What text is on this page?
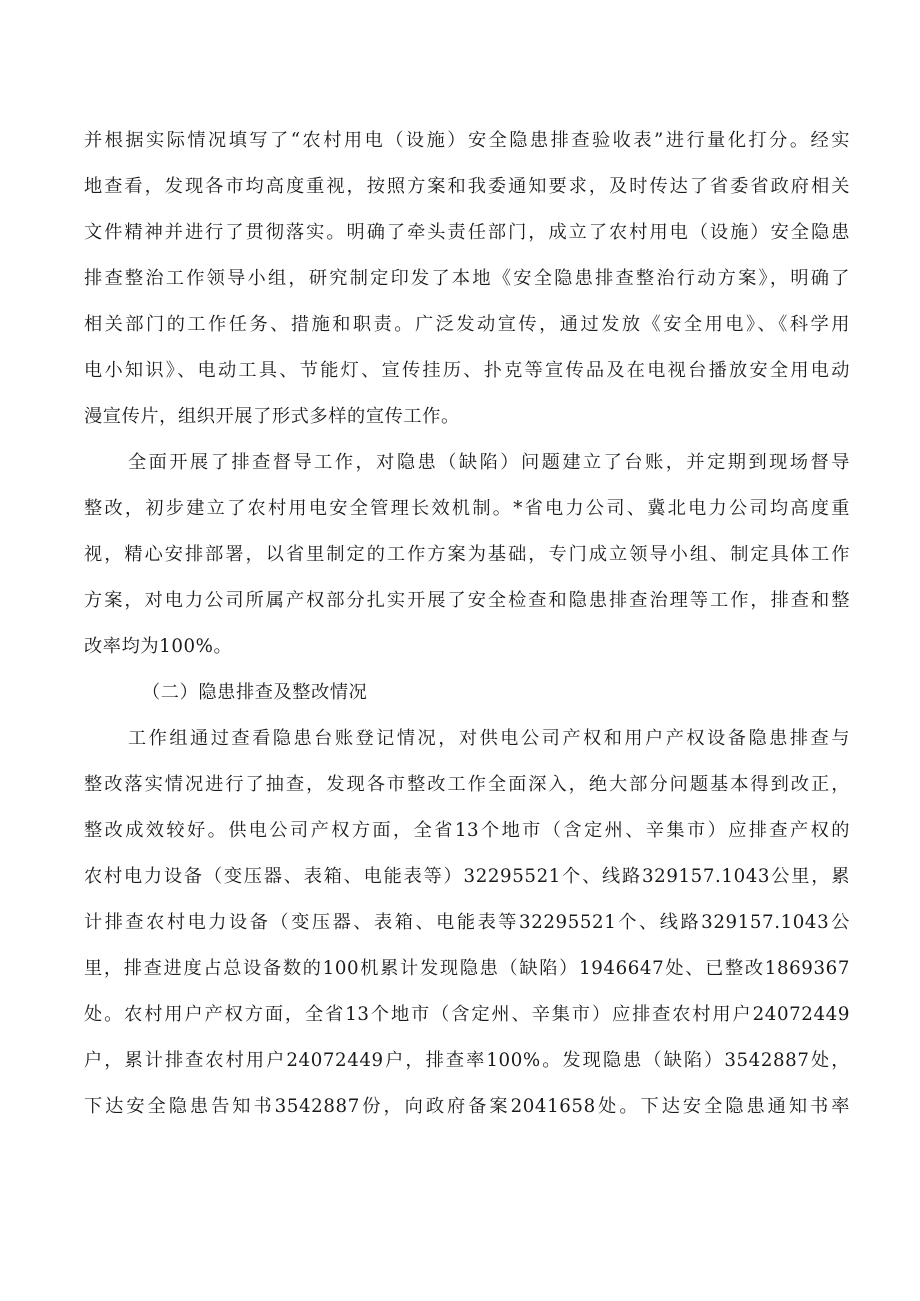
并根据实际情况填写了“农村用电（设施）安全隐患排查验收表”进行量化打分。经实
地查看，发现各市均高度重视，按照方案和我委通知要求，及时传达了省委省政府相关
文件精神并进行了贯彻落实。明确了牵头责任部门，成立了农村用电（设施）安全隐患
排查整治工作领导小组，研究制定印发了本地《安全隐患排查整治行动方案》，明确了
相关部门的工作任务、措施和职责。广泛发动宣传，通过发放《安全用电》、《科学用
电小知识》、电动工具、节能灯、宣传挂历、扑克等宣传品及在电视台播放安全用电动
漫宣传片，组织开展了形式多样的宣传工作。
全面开展了排查督导工作，对隐患（缺陷）问题建立了台账，并定期到现场督导
整改，初步建立了农村用电安全管理长效机制。*省电力公司、冀北电力公司均高度重
视，精心安排部署，以省里制定的工作方案为基础，专门成立领导小组、制定具体工作
方案，对电力公司所属产权部分扎实开展了安全检查和隐患排查治理等工作，排查和整
改率均为100%。
（二）隐患排查及整改情况
工作组通过查看隐患台账登记情况，对供电公司产权和用户产权设备隐患排查与
整改落实情况进行了抽查，发现各市整改工作全面深入，绝大部分问题基本得到改正，
整改成效较好。供电公司产权方面，全省13个地市（含定州、辛集市）应排查产权的
农村电力设备（变压器、表箱、电能表等）32295521个、线路329157.1043公里，累
计排查农村电力设备（变压器、表箱、电能表等32295521个、线路329157.1043公
里，排查进度占总设备数的100机累计发现隐患（缺陷）1946647处、已整改1869367
处。农村用户产权方面，全省13个地市（含定州、辛集市）应排查农村用户24072449
户，累计排查农村用户24072449户，排查率100%。发现隐患（缺陷）3542887处，
下达安全隐患告知书3542887份，向政府备案2041658处。下达安全隐患通知书率
